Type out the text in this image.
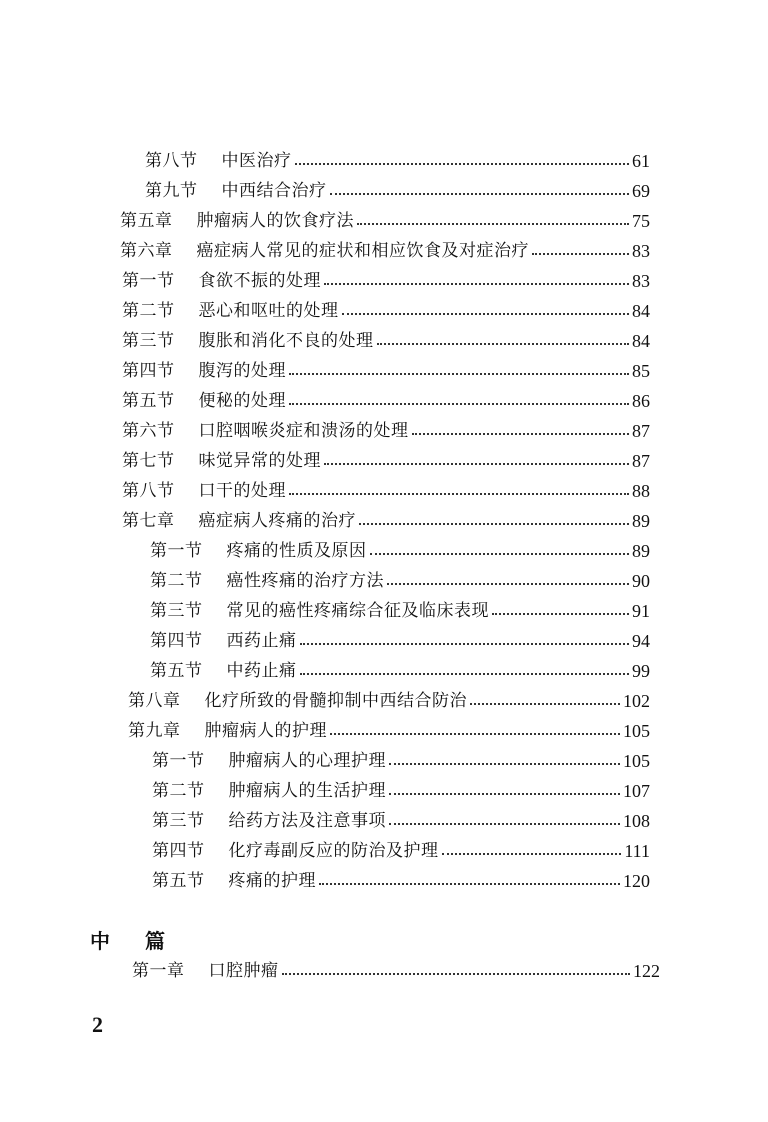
第八节 中医治疗	61
第九节 中西结合治疗	69
第五章 肿瘤病人的饮食疗法	75
第六章 癌症病人常见的症状和相应饮食及对症治疗	83
第一节 食欲不振的处理	83
第二节 恶心和呕吐的处理	84
第三节 腹胀和消化不良的处理	84
第四节 腹泻的处理	85
第五节 便秘的处理	86
第六节 口腔咽喉炎症和溃汤的处理	87
第七节 味觉异常的处理	87
第八节 口干的处理	88
第七章 癌症病人疼痛的治疗	89
第一节 疼痛的性质及原因	89
第二节 癌性疼痛的治疗方法	90
第三节 常见的癌性疼痛综合征及临床表现	91
第四节 西药止痛	94
第五节 中药止痛	99
第八章 化疗所致的骨髓抑制中西结合防治	102
第九章 肿瘤病人的护理	105
第一节 肿瘤病人的心理护理	105
第二节 肿瘤病人的生活护理	107
第三节 给药方法及注意事项	108
第四节 化疗毒副反应的防治及护理	111
第五节 疼痛的护理	120
中 篇
第一章 口腔肿瘤	122
2
